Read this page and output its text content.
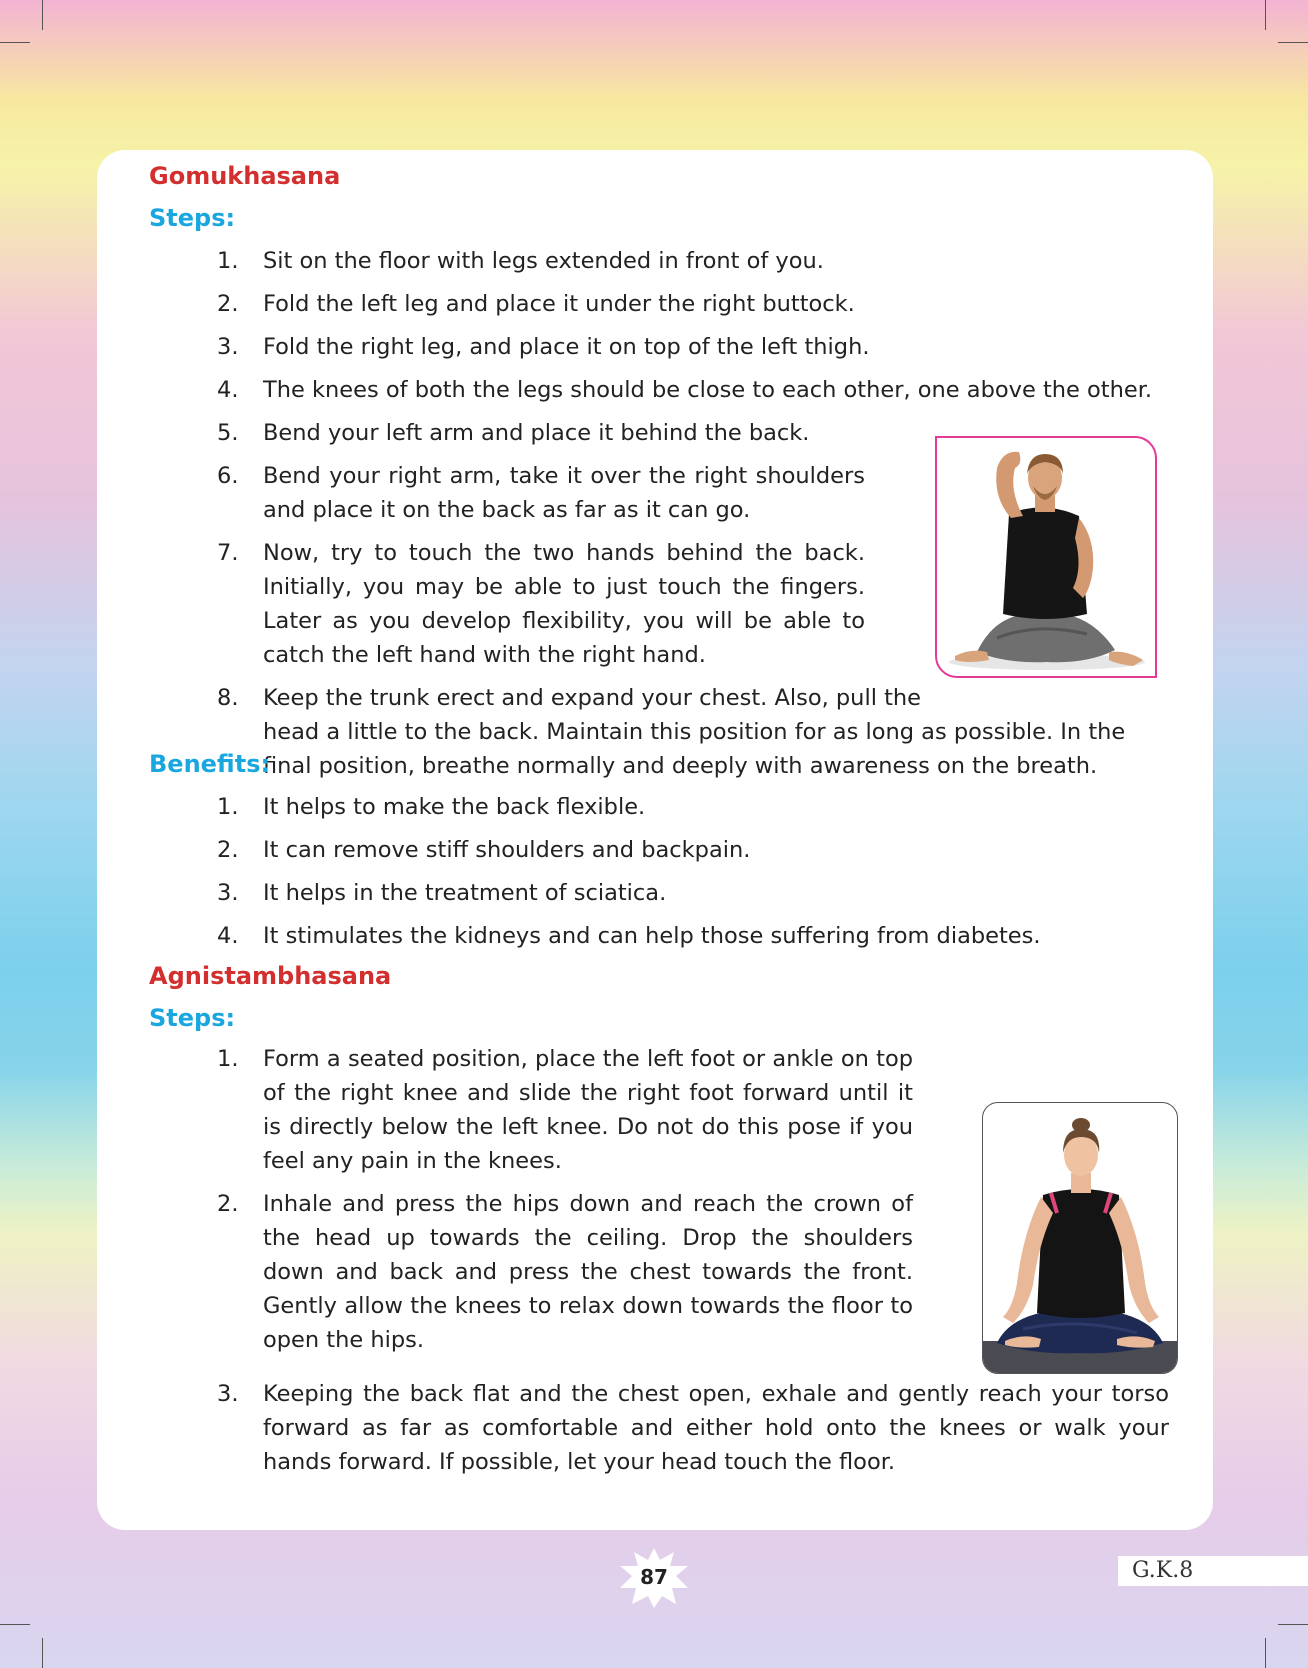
Gomukhasana
Steps:
1. Sit on the floor with legs extended in front of you.
2. Fold the left leg and place it under the right buttock.
3. Fold the right leg, and place it on top of the left thigh.
4. The knees of both the legs should be close to each other, one above the other.
5. Bend your left arm and place it behind the back.
6. Bend your right arm, take it over the right shoulders and place it on the back as far as it can go.
7. Now, try to touch the two hands behind the back. Initially, you may be able to just touch the fingers. Later as you develop flexibility, you will be able to catch the left hand with the right hand.
8. Keep the trunk erect and expand your chest. Also, pull the
head a little to the back. Maintain this position for as long as possible. In the final position, breathe normally and deeply with awareness on the breath.
Benefits:
1. It helps to make the back flexible.
2. It can remove stiff shoulders and backpain.
3. It helps in the treatment of sciatica.
4. It stimulates the kidneys and can help those suffering from diabetes.
Agnistambhasana
Steps:
1. Form a seated position, place the left foot or ankle on top of the right knee and slide the right foot forward until it is directly below the left knee. Do not do this pose if you feel any pain in the knees.
2. Inhale and press the hips down and reach the crown of the head up towards the ceiling. Drop the shoulders down and back and press the chest towards the front. Gently allow the knees to relax down towards the floor to open the hips.
3. Keeping the back flat and the chest open, exhale and gently reach your torso forward as far as comfortable and either hold onto the knees or walk your hands forward. If possible, let your head touch the floor.
87	G.K.8
